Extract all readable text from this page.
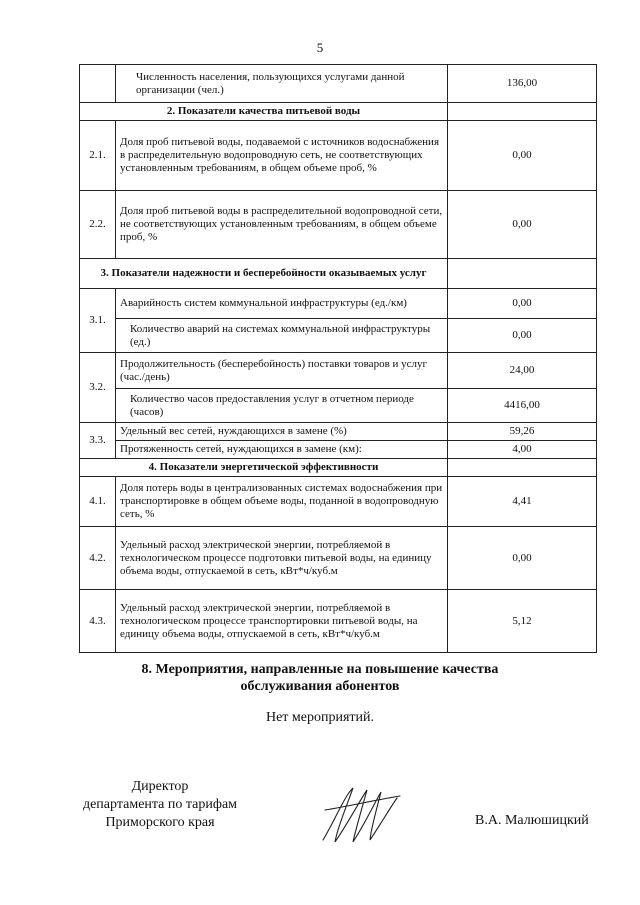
5
	Численность населения, пользующихся услугами данной организации (чел.)	136,00
2. Показатели качества питьевой воды		
2.1.	Доля проб питьевой воды, подаваемой с источников водоснабжения в распределительную водопроводную сеть, не соответствующих установленным требованиям, в общем объеме проб, %	0,00
2.2.	Доля проб питьевой воды в распределительной водопроводной сети, не соответствующих установленным требованиям, в общем объеме проб, %	0,00
3. Показатели надежности и бесперебойности оказываемых услуг		
3.1.	Аварийность систем коммунальной инфраструктуры (ед./км)	0,00
	Количество аварий на системах коммунальной инфраструктуры (ед.)	0,00
3.2.	Продолжительность (бесперебойность) поставки товаров и услуг (час./день)	24,00
	Количество часов предоставления услуг в отчетном периоде (часов)	4416,00
3.3.	Удельный вес сетей, нуждающихся в замене (%)	59,26
	Протяженность сетей, нуждающихся в замене (км):	4,00
4. Показатели энергетической эффективности		
4.1.	Доля потерь воды в централизованных системах водоснабжения при транспортировке в общем объеме воды, поданной в водопроводную сеть, %	4,41
4.2.	Удельный расход электрической энергии, потребляемой в технологическом процессе подготовки питьевой воды, на единицу объема воды, отпускаемой в сеть, кВт*ч/куб.м	0,00
4.3.	Удельный расход электрической энергии, потребляемой в технологическом процессе транспортировки питьевой воды, на единицу объема воды, отпускаемой в сеть, кВт*ч/куб.м	5,12
8. Мероприятия, направленные на повышение качества
обслуживания абонентов
Нет мероприятий.
Директор
департамента по тарифам
Приморского края	В.А. Малюшицкий
